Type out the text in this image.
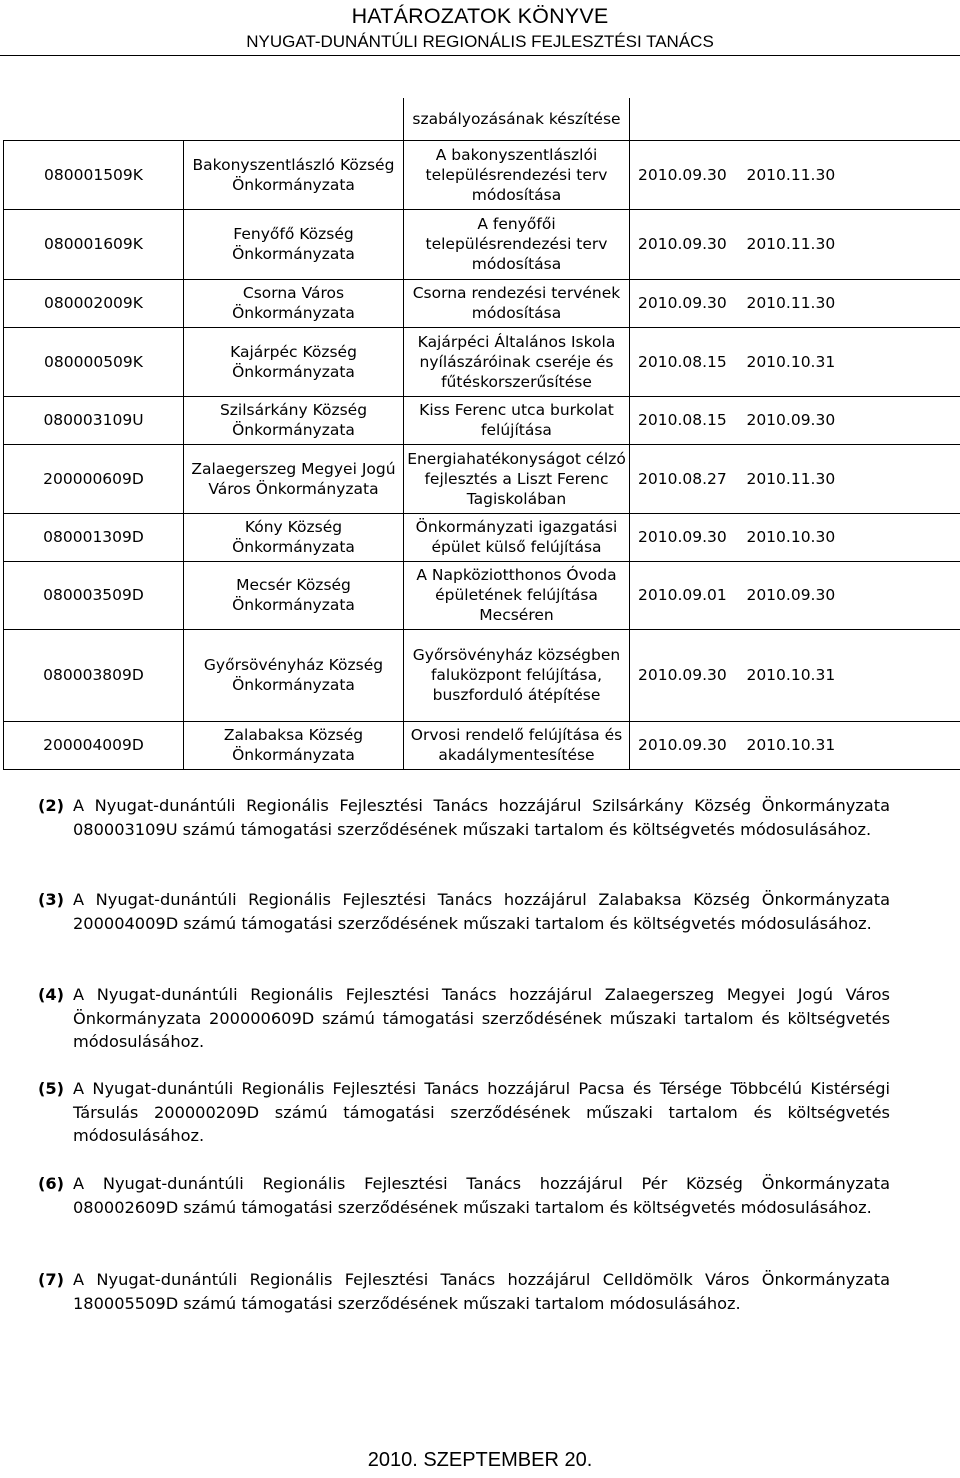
HATÁROZATOK KÖNYVE
NYUGAT-DUNÁNTÚLI REGIONÁLIS FEJLESZTÉSI TANÁCS
		szabályozásának készítése	
080001509K	Bakonyszentlászló Község Önkormányzata	A bakonyszentlászlói településrendezési terv módosítása	2010.09.30    2010.11.30
080001609K	Fenyőfő Község Önkormányzata	A fenyőfői településrendezési terv módosítása	2010.09.30    2010.11.30
080002009K	Csorna Város Önkormányzata	Csorna rendezési tervének módosítása	2010.09.30    2010.11.30
080000509K	Kajárpéc Község Önkormányzata	Kajárpéci Általános Iskola nyílászáróinak cseréje és fűtéskorszerűsítése	2010.08.15    2010.10.31
080003109U	Szilsárkány Község Önkormányzata	Kiss Ferenc utca burkolat felújítása	2010.08.15    2010.09.30
200000609D	Zalaegerszeg Megyei Jogú Város Önkormányzata	Energiahatékonyságot célzó fejlesztés a Liszt Ferenc Tagiskolában	2010.08.27    2010.11.30
080001309D	Kóny Község Önkormányzata	Önkormányzati igazgatási épület külső felújítása	2010.09.30    2010.10.30
080003509D	Mecsér Község Önkormányzata	A Napköziotthonos Óvoda épületének felújítása Mecséren	2010.09.01    2010.09.30
080003809D	Győrsövényház Község Önkormányzata	Győrsövényház községben faluközpont felújítása, buszforduló átépítése	2010.09.30    2010.10.31
200004009D	Zalabaksa Község Önkormányzata	Orvosi rendelő felújítása és akadálymentesítése	2010.09.30    2010.10.31
(2) A Nyugat-dunántúli Regionális Fejlesztési Tanács hozzájárul Szilsárkány Község Önkormányzata 080003109U számú támogatási szerződésének műszaki tartalom és költségvetés módosulásához.
(3) A Nyugat-dunántúli Regionális Fejlesztési Tanács hozzájárul Zalabaksa Község Önkormányzata 200004009D számú támogatási szerződésének műszaki tartalom és költségvetés módosulásához.
(4) A Nyugat-dunántúli Regionális Fejlesztési Tanács hozzájárul Zalaegerszeg Megyei Jogú Város Önkormányzata 200000609D számú támogatási szerződésének műszaki tartalom és költségvetés módosulásához.
(5) A Nyugat-dunántúli Regionális Fejlesztési Tanács hozzájárul Pacsa és Térsége Többcélú Kistérségi Társulás 200000209D számú támogatási szerződésének műszaki tartalom és költségvetés módosulásához.
(6) A Nyugat-dunántúli Regionális Fejlesztési Tanács hozzájárul Pér Község Önkormányzata 080002609D számú támogatási szerződésének műszaki tartalom és költségvetés módosulásához.
(7) A Nyugat-dunántúli Regionális Fejlesztési Tanács hozzájárul Celldömölk Város Önkormányzata 180005509D számú támogatási szerződésének műszaki tartalom módosulásához.
2010. SZEPTEMBER 20.
